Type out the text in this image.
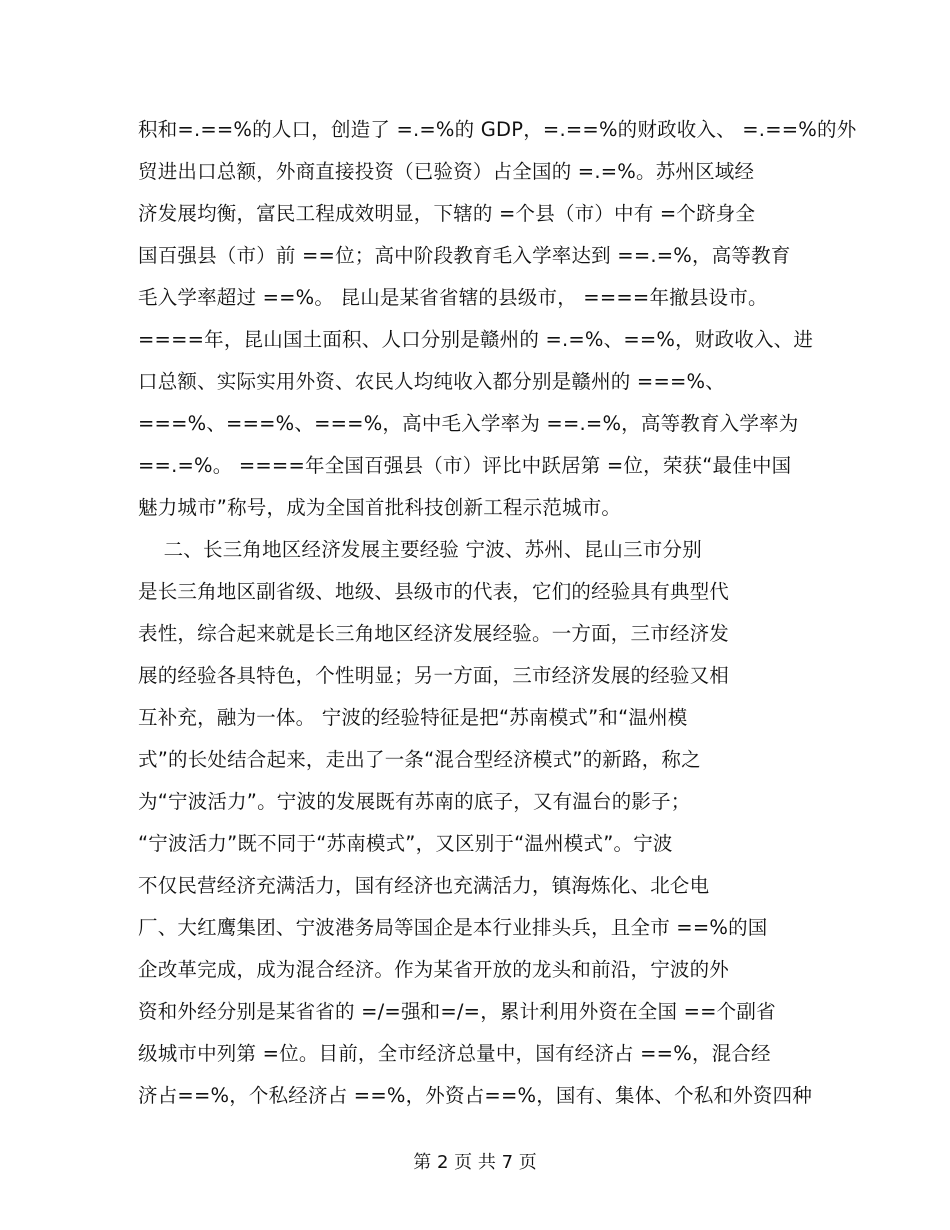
积和=.==%的人口，创造了 =.=%的 GDP，=.==%的财政收入、 =.==%的外
贸进出口总额，外商直接投资（已验资）占全国的 =.=%。苏州区域经
济发展均衡，富民工程成效明显，下辖的 =个县（市）中有 =个跻身全
国百强县（市）前 ==位；高中阶段教育毛入学率达到 ==.=%，高等教育
毛入学率超过 ==%。 昆山是某省省辖的县级市， ====年撤县设市。
====年，昆山国土面积、人口分别是赣州的 =.=%、==%，财政收入、进
口总额、实际实用外资、农民人均纯收入都分别是赣州的 ===%、
===%、===%、===%，高中毛入学率为 ==.=%，高等教育入学率为
==.=%。 ====年全国百强县（市）评比中跃居第 =位，荣获“最佳中国
魅力城市”称号，成为全国首批科技创新工程示范城市。
二、长三角地区经济发展主要经验 宁波、苏州、昆山三市分别
是长三角地区副省级、地级、县级市的代表，它们的经验具有典型代
表性，综合起来就是长三角地区经济发展经验。一方面，三市经济发
展的经验各具特色，个性明显；另一方面，三市经济发展的经验又相
互补充，融为一体。 宁波的经验特征是把“苏南模式”和“温州模
式”的长处结合起来，走出了一条“混合型经济模式”的新路，称之
为“宁波活力”。宁波的发展既有苏南的底子，又有温台的影子；
“宁波活力”既不同于“苏南模式”，又区别于“温州模式”。宁波
不仅民营经济充满活力，国有经济也充满活力，镇海炼化、北仑电
厂、大红鹰集团、宁波港务局等国企是本行业排头兵，且全市 ==%的国
企改革完成，成为混合经济。作为某省开放的龙头和前沿，宁波的外
资和外经分别是某省省的 =/=强和=/=，累计利用外资在全国 ==个副省
级城市中列第 =位。目前，全市经济总量中，国有经济占 ==%，混合经
济占==%，个私经济占 ==%，外资占==%，国有、集体、个私和外资四种
第 2 页 共 7 页
